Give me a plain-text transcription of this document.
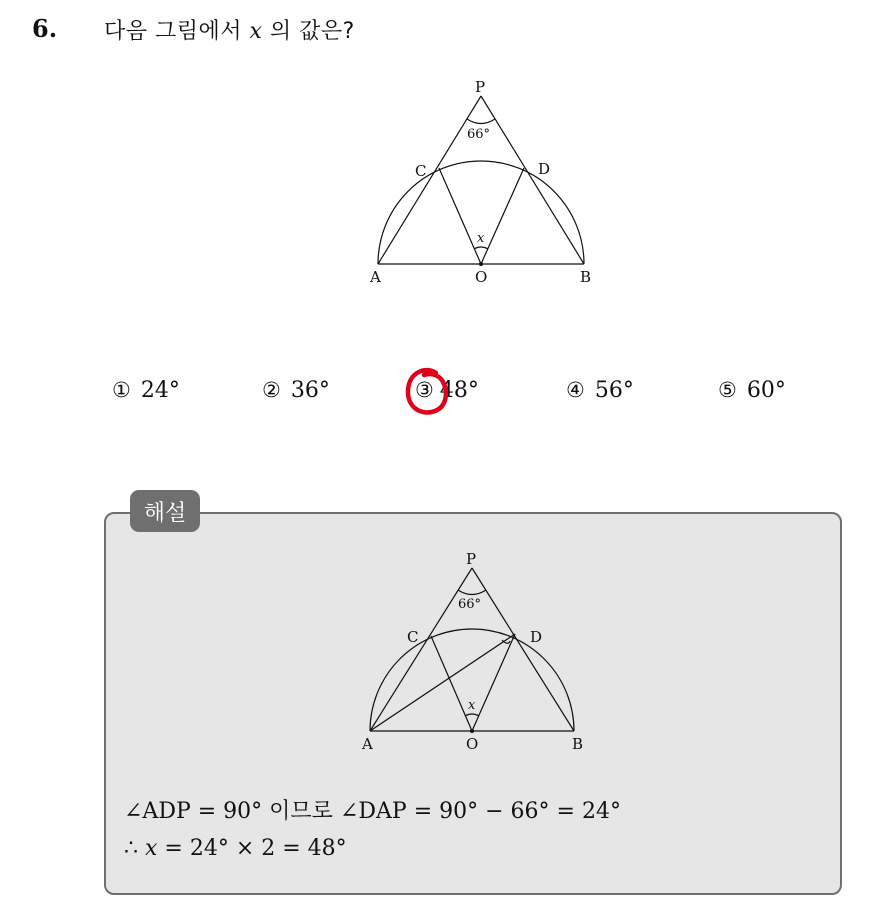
6. 다음 그림에서 x 의 값은?
P
C	D
A	O	B
66°
x
① 24°	② 36°	③ 48°	④ 56°	⑤ 60°
해설
P
C	D
A	O	B
66°
x
∠ADP = 90° 이므로 ∠DAP = 90° − 66° = 24°
∴ x = 24° × 2 = 48°
